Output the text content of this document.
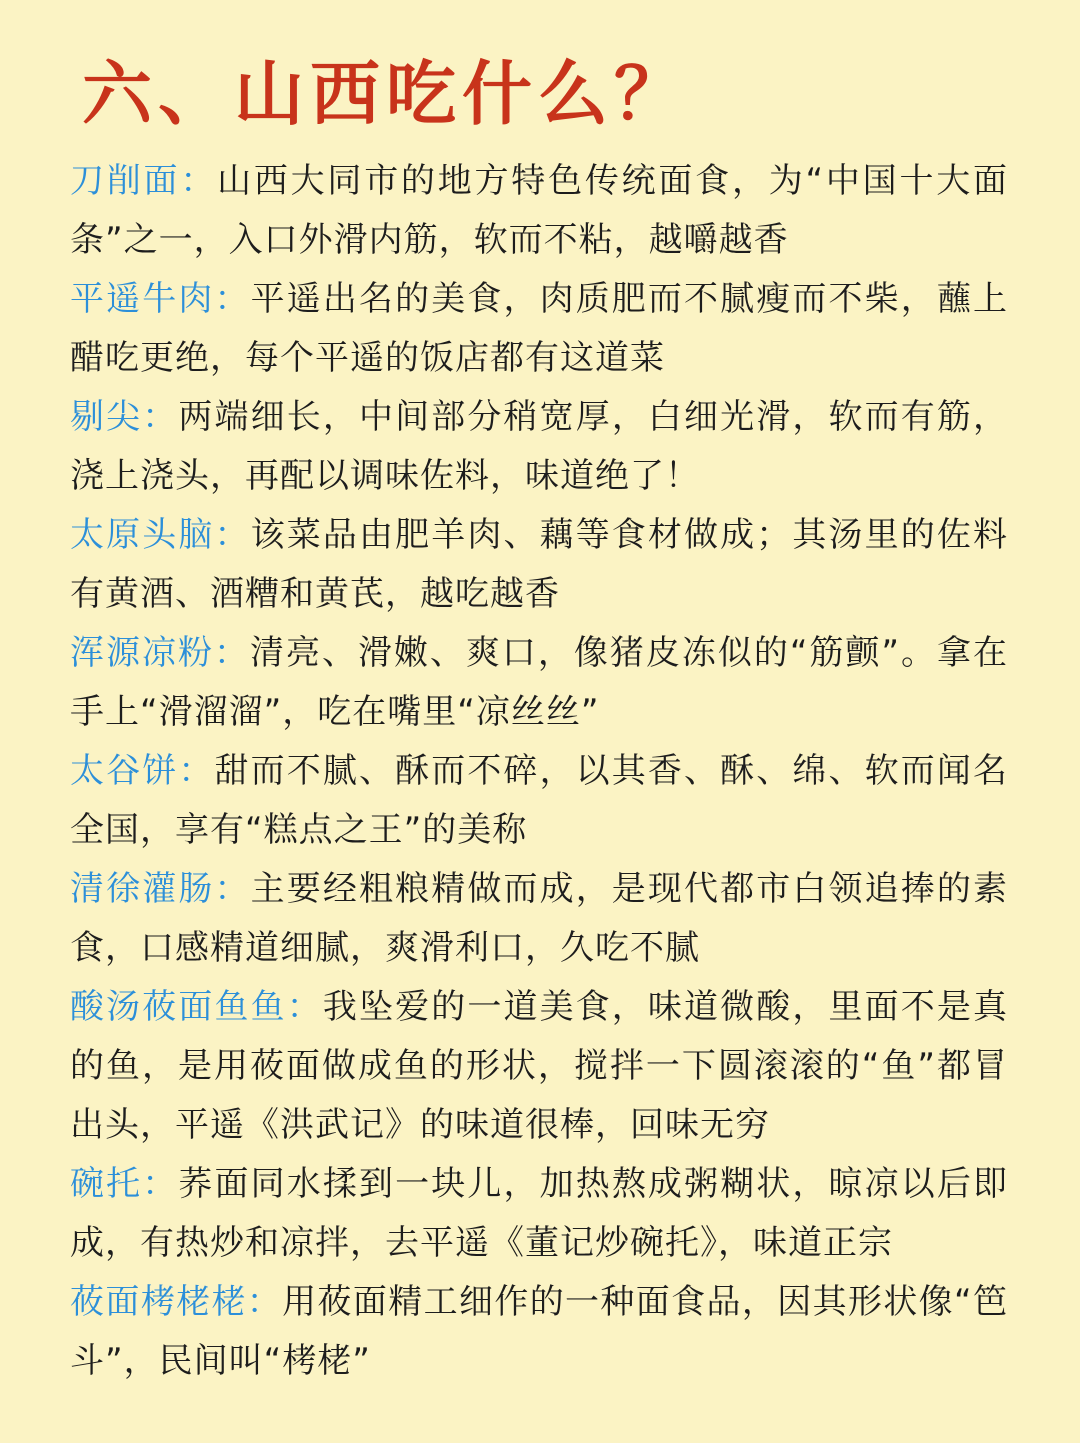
六、山西吃什么？

刀削面：山西大同市的地方特色传统面食，为“中国十大面条”之一，入口外滑内筋，软而不粘，越嚼越香

平遥牛肉：平遥出名的美食，肉质肥而不腻瘦而不柴，蘸上醋吃更绝，每个平遥的饭店都有这道菜

剔尖：两端细长，中间部分稍宽厚，白细光滑，软而有筋，浇上浇头，再配以调味佐料，味道绝了！

太原头脑：该菜品由肥羊肉、藕等食材做成；其汤里的佐料有黄酒、酒糟和黄芪，越吃越香

浑源凉粉：清亮、滑嫩、爽口，像猪皮冻似的“筋颤”。拿在手上“滑溜溜”，吃在嘴里“凉丝丝”

太谷饼：甜而不腻、酥而不碎，以其香、酥、绵、软而闻名全国，享有“糕点之王”的美称

清徐灌肠：主要经粗粮精做而成，是现代都市白领追捧的素食，口感精道细腻，爽滑利口，久吃不腻

酸汤莜面鱼鱼：我坠爱的一道美食，味道微酸，里面不是真的鱼，是用莜面做成鱼的形状，搅拌一下圆滚滚的“鱼”都冒出头，平遥《洪武记》的味道很棒，回味无穷

碗托：荞面同水揉到一块儿，加热熬成粥糊状，晾凉以后即成，有热炒和凉拌，去平遥《董记炒碗托》，味道正宗

莜面栲栳栳：用莜面精工细作的一种面食品，因其形状像“笆斗”，民间叫“栲栳”
